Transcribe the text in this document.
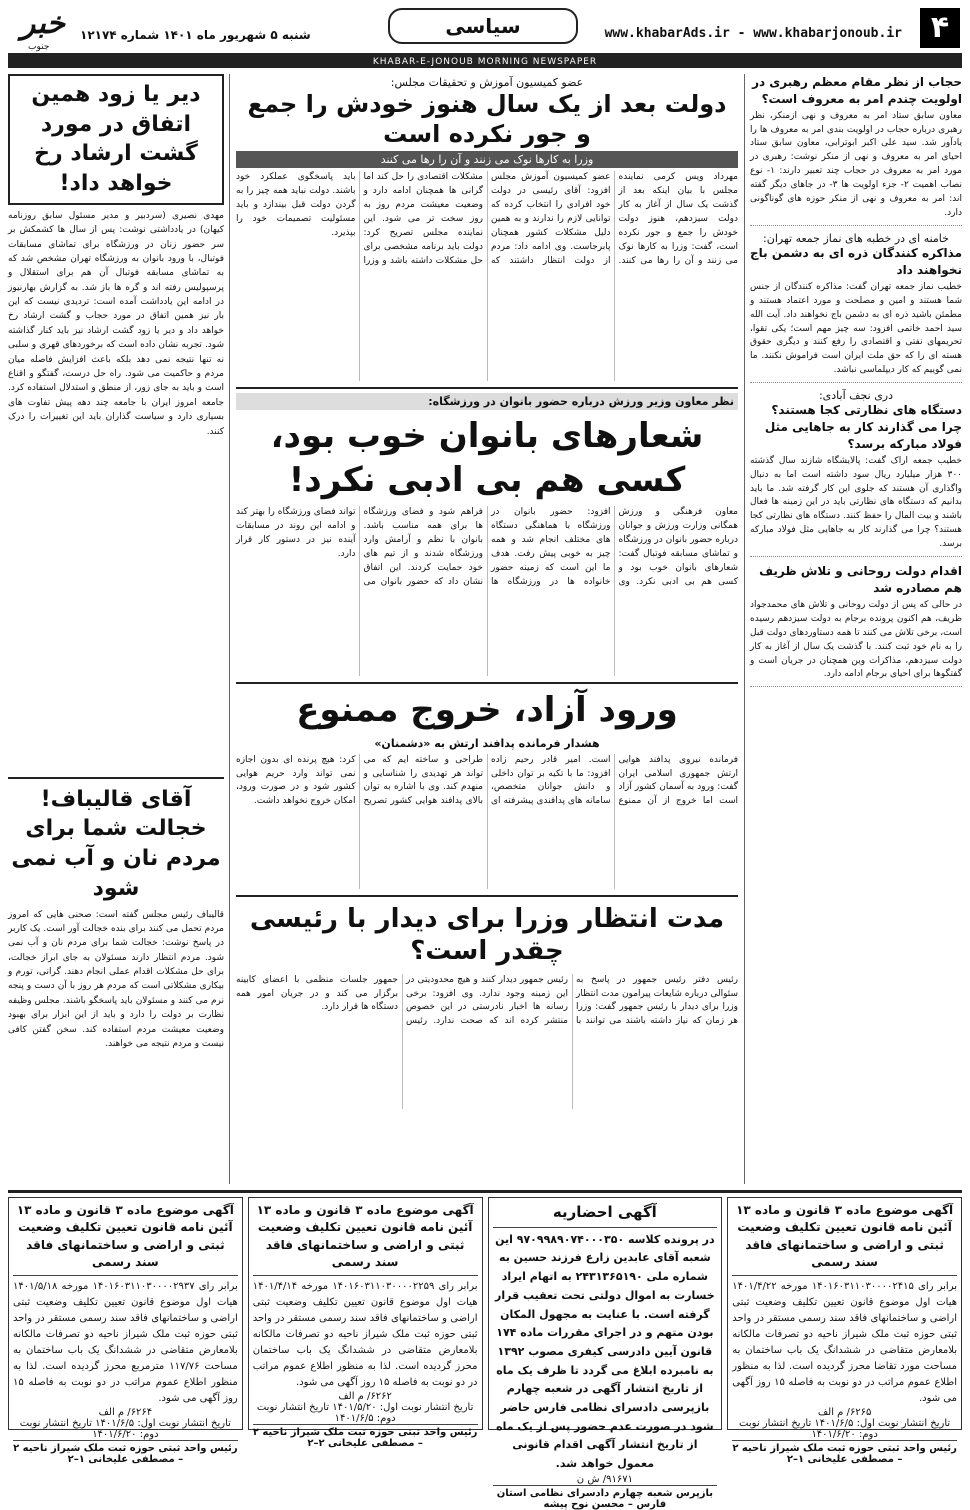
۴
www.khabarAds.ir - www.khabarjonoub.ir
سیاسی
شنبه ۵ شهریور ماه ۱۴۰۱ شماره ۱۲۱۷۴
خبر
جنوب
KHABAR-E-JONOUB MORNING NEWSPAPER
حجاب از نظر مقام معظم رهبری در اولویت چندم امر به معروف است؟

معاون سابق ستاد امر به معروف و نهی ازمنکر، نظر رهبری درباره حجاب در اولویت بندی امر به معروف ها را یادآور شد. سید علی اکبر ابوترابی، معاون سابق ستاد احیای امر به معروف و نهی از منکر نوشت: رهبری در مورد امر به معروف در حجاب چند تعبیر دارند: ۱- نوع نصاب اهمیت ۲- جزء اولویت ها ۳- در جاهای دیگر گفته اند: امر به معروف و نهی از منکر حوزه های گوناگونی دارد.

خامنه ای در خطبه های نماز جمعه تهران:
مذاکره کنندگان ذره ای به دشمن باج نخواهند داد

خطیب نماز جمعه تهران گفت: مذاکره کنندگان از جنس شما هستند و امین و مصلحت و مورد اعتماد هستند و مطمئن باشید ذره ای به دشمن باج نخواهند داد. آیت الله سید احمد خاتمی افزود: سه چیز مهم است؛ یکی تقوا، تحریمهای نفتی و اقتصادی را رفع کنند و دیگری حقوق هسته ای را که حق ملت ایران است فراموش نکنند. ما نمی گوییم که کار دیپلماسی نباشد.

دری نجف آبادی:
دستگاه های نظارتی کجا هستند؟ چرا می گذارند کار به جاهایی مثل فولاد مبارکه برسد؟

خطیب جمعه اراک گفت: پالایشگاه شازند سال گذشته ۳۰۰ هزار میلیارد ریال سود داشته است اما به دنبال واگذاری آن هستند که جلوی این کار گرفته شد. ما باید بدانیم که دستگاه های نظارتی باید در این زمینه ها فعال باشند و بیت المال را حفظ کنند. دستگاه های نظارتی کجا هستند؟ چرا می گذارند کار به جاهایی مثل فولاد مبارکه برسد.

اقدام دولت روحانی و تلاش ظریف هم مصادره شد

در حالی که پس از دولت روحانی و تلاش های محمدجواد ظریف، هم اکنون پرونده برجام به دولت سیزدهم رسیده است، برخی تلاش می کنند تا همه دستاوردهای دولت قبل را به نام خود ثبت کنند. با گذشت یک سال از آغاز به کار دولت سیزدهم، مذاکرات وین همچنان در جریان است و گفتگوها برای احیای برجام ادامه دارد.

عضو کمیسیون آموزش و تحقیقات مجلس:
دولت بعد از یک سال هنوز خودش را جمع و جور نکرده است
وزرا به کارها نوک می زنند و آن را رها می کنند
مهرداد ویس کرمی نماینده مجلس با بیان اینکه بعد از گذشت یک سال از آغاز به کار دولت سیزدهم، هنوز دولت خودش را جمع و جور نکرده است، گفت: وزرا به کارها نوک می زنند و آن را رها می کنند. عضو کمیسیون آموزش مجلس افزود: آقای رئیسی در دولت خود افرادی را انتخاب کرده که توانایی لازم را ندارند و به همین دلیل مشکلات کشور همچنان پابرجاست. وی ادامه داد: مردم از دولت انتظار داشتند که مشکلات اقتصادی را حل کند اما گرانی ها همچنان ادامه دارد و وضعیت معیشت مردم روز به روز سخت تر می شود. این نماینده مجلس تصریح کرد: دولت باید برنامه مشخصی برای حل مشکلات داشته باشد و وزرا باید پاسخگوی عملکرد خود باشند. دولت نباید همه چیز را به گردن دولت قبل بیندازد و باید مسئولیت تصمیمات خود را بپذیرد.
نظر معاون وزیر ورزش درباره حضور بانوان در ورزشگاه:
شعارهای بانوان خوب بود، کسی هم بی ادبی نکرد!
معاون فرهنگی و ورزش همگانی وزارت ورزش و جوانان درباره حضور بانوان در ورزشگاه و تماشای مسابقه فوتبال گفت: شعارهای بانوان خوب بود و کسی هم بی ادبی نکرد. وی افزود: حضور بانوان در ورزشگاه با هماهنگی دستگاه های مختلف انجام شد و همه چیز به خوبی پیش رفت. هدف ما این است که زمینه حضور خانواده ها در ورزشگاه ها فراهم شود و فضای ورزشگاه ها برای همه مناسب باشد. بانوان با نظم و آرامش وارد ورزشگاه شدند و از تیم های خود حمایت کردند. این اتفاق نشان داد که حضور بانوان می تواند فضای ورزشگاه را بهتر کند و ادامه این روند در مسابقات آینده نیز در دستور کار قرار دارد.
ورود آزاد، خروج ممنوع
هشدار فرمانده پدافند ارتش به «دشمنان»
فرمانده نیروی پدافند هوایی ارتش جمهوری اسلامی ایران گفت: ورود به آسمان کشور آزاد است اما خروج از آن ممنوع است. امیر قادر رحیم زاده افزود: ما با تکیه بر توان داخلی و دانش جوانان متخصص، سامانه های پدافندی پیشرفته ای طراحی و ساخته ایم که می تواند هر تهدیدی را شناسایی و منهدم کند. وی با اشاره به توان بالای پدافند هوایی کشور تصریح کرد: هیچ پرنده ای بدون اجازه نمی تواند وارد حریم هوایی کشور شود و در صورت ورود، امکان خروج نخواهد داشت.
مدت انتظار وزرا برای دیدار با رئیسی چقدر است؟
رئیس دفتر رئیس جمهور در پاسخ به سئوالی درباره شایعات پیرامون مدت انتظار وزرا برای دیدار با رئیس جمهور گفت: وزرا هر زمان که نیاز داشته باشند می توانند با رئیس جمهور دیدار کنند و هیچ محدودیتی در این زمینه وجود ندارد. وی افزود: برخی رسانه ها اخبار نادرستی در این خصوص منتشر کرده اند که صحت ندارد. رئیس جمهور جلسات منظمی با اعضای کابینه برگزار می کند و در جریان امور همه دستگاه ها قرار دارد.
دیر یا زود همین اتفاق در مورد گشت ارشاد رخ خواهد داد!
مهدی نصیری (سردبیر و مدیر مسئول سابق روزنامه کیهان) در یادداشتی نوشت: پس از سال ها کشمکش بر سر حضور زنان در ورزشگاه برای تماشای مسابقات فوتبال، با ورود بانوان به ورزشگاه تهران مشخص شد که به تماشای مسابقه فوتبال آن هم برای استقلال و پرسپولیس رفته اند و گره ها باز شد. به گزارش بهارنیوز در ادامه این یادداشت آمده است: تردیدی نیست که این بار نیز همین اتفاق در مورد حجاب و گشت ارشاد رخ خواهد داد و دیر یا زود گشت ارشاد نیز باید کنار گذاشته شود. تجربه نشان داده است که برخوردهای قهری و سلبی نه تنها نتیجه نمی دهد بلکه باعث افزایش فاصله میان مردم و حاکمیت می شود. راه حل درست، گفتگو و اقناع است و باید به جای زور، از منطق و استدلال استفاده کرد. جامعه امروز ایران با جامعه چند دهه پیش تفاوت های بسیاری دارد و سیاست گذاران باید این تغییرات را درک کنند.
آقای قالیباف! خجالت شما برای مردم نان و آب نمی شود
قالیباف رئیس مجلس گفته است: صحنی هایی که امروز مردم تحمل می کنند برای بنده خجالت آور است. یک کاربر در پاسخ نوشت: خجالت شما برای مردم نان و آب نمی شود. مردم انتظار دارند مسئولان به جای ابراز خجالت، برای حل مشکلات اقدام عملی انجام دهند. گرانی، تورم و بیکاری مشکلاتی است که مردم هر روز با آن دست و پنجه نرم می کنند و مسئولان باید پاسخگو باشند. مجلس وظیفه نظارت بر دولت را دارد و باید از این ابزار برای بهبود وضعیت معیشت مردم استفاده کند. سخن گفتن کافی نیست و مردم نتیجه می خواهند.
آگهی موضوع ماده ۳ قانون و ماده ۱۳ آئین نامه قانون تعیین تکلیف وضعیت ثبتی و اراضی و ساختمانهای فاقد سند رسمی
برابر رای ۱۴۰۱۶۰۳۱۱۰۳۰۰۰۰۲۴۱۵ مورخه ۱۴۰۱/۴/۲۲ هیات اول موضوع قانون تعیین تکلیف وضعیت ثبتی اراضی و ساختمانهای فاقد سند رسمی مستقر در واحد ثبتی حوزه ثبت ملک شیراز ناحیه دو تصرفات مالکانه بلامعارض متقاضی در ششدانگ یک باب ساختمان به مساحت مورد تقاضا محرز گردیده است. لذا به منظور اطلاع عموم مراتب در دو نوبت به فاصله ۱۵ روز آگهی می شود.
۶۲۶۵/ م الف
تاریخ انتشار نوبت اول: ۱۴۰۱/۶/۵ تاریخ انتشار نوبت دوم: ۱۴۰۱/۶/۲۰
رئیس واحد ثبتی حوزه ثبت ملک شیراز ناحیه ۲ – مصطفی علیخانی ۱–۲
آگهی احضاریه
در پرونده کلاسه ۹۷۰۹۹۸۹۰۷۴۰۰۰۳۵۰ این شعبه آقای عابدین زارع فرزند حسین به شماره ملی ۲۴۳۱۳۶۵۱۹۰ به اتهام ایراد خسارت به اموال دولتی تحت تعقیب قرار گرفته است. با عنایت به مجهول المکان بودن متهم و در اجرای مقررات ماده ۱۷۴ قانون آیین دادرسی کیفری مصوب ۱۳۹۲ به نامبرده ابلاغ می گردد تا ظرف یک ماه از تاریخ انتشار آگهی در شعبه چهارم بازپرسی دادسرای نظامی فارس حاضر شود در صورت عدم حضور پس از یک ماه از تاریخ انتشار آگهی اقدام قانونی معمول خواهد شد.
۹۱۶۷۱/ ش ن
بازپرس شعبه چهارم دادسرای نظامی استان فارس – محسن نوح پیشه
آگهی موضوع ماده ۳ قانون و ماده ۱۳ آئین نامه قانون تعیین تکلیف وضعیت ثبتی و اراضی و ساختمانهای فاقد سند رسمی
برابر رای ۱۴۰۱۶۰۳۱۱۰۳۰۰۰۰۲۲۵۹ مورخه ۱۴۰۱/۴/۱۴ هیات اول موضوع قانون تعیین تکلیف وضعیت ثبتی اراضی و ساختمانهای فاقد سند رسمی مستقر در واحد ثبتی حوزه ثبت ملک شیراز ناحیه دو تصرفات مالکانه بلامعارض متقاضی در ششدانگ یک باب ساختمان محرز گردیده است. لذا به منظور اطلاع عموم مراتب در دو نوبت به فاصله ۱۵ روز آگهی می شود.
۶۲۶۲/ م الف
تاریخ انتشار نوبت اول: ۱۴۰۱/۵/۲۰ تاریخ انتشار نوبت دوم: ۱۴۰۱/۶/۵
رئیس واحد ثبتی حوزه ثبت ملک شیراز ناحیه ۲ – مصطفی علیخانی ۲–۲
آگهی موضوع ماده ۳ قانون و ماده ۱۳ آئین نامه قانون تعیین تکلیف وضعیت ثبتی و اراضی و ساختمانهای فاقد سند رسمی
برابر رای ۱۴۰۱۶۰۳۱۱۰۳۰۰۰۰۲۹۳۷ مورخه ۱۴۰۱/۵/۱۸ هیات اول موضوع قانون تعیین تکلیف وضعیت ثبتی اراضی و ساختمانهای فاقد سند رسمی مستقر در واحد ثبتی حوزه ثبت ملک شیراز ناحیه دو تصرفات مالکانه بلامعارض متقاضی در ششدانگ یک باب ساختمان به مساحت ۱۱۷/۷۶ مترمربع محرز گردیده است. لذا به منظور اطلاع عموم مراتب در دو نوبت به فاصله ۱۵ روز آگهی می شود.
۶۲۶۴/ م الف
تاریخ انتشار نوبت اول: ۱۴۰۱/۶/۵ تاریخ انتشار نوبت دوم: ۱۴۰۱/۶/۲۰
رئیس واحد ثبتی حوزه ثبت ملک شیراز ناحیه ۲ – مصطفی علیخانی ۱–۲
